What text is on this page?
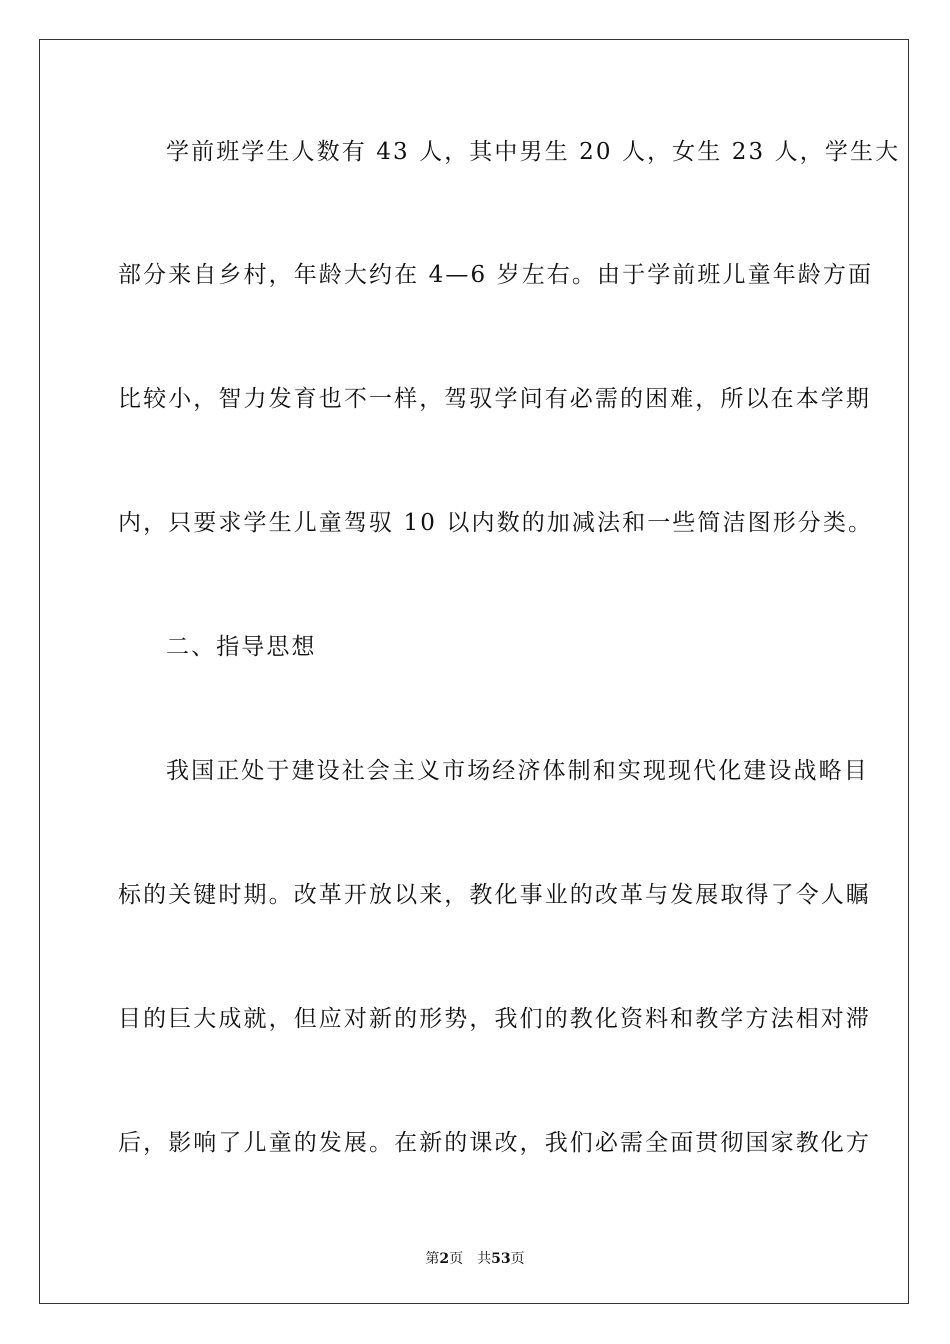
学前班学生人数有 43 人，其中男生 20 人，女生 23 人，学生大
部分来自乡村，年龄大约在 4—6 岁左右。由于学前班儿童年龄方面
比较小，智力发育也不一样，驾驭学问有必需的困难，所以在本学期
内，只要求学生儿童驾驭 10 以内数的加减法和一些简洁图形分类。
二、指导思想
我国正处于建设社会主义市场经济体制和实现现代化建设战略目
标的关键时期。改革开放以来，教化事业的改革与发展取得了令人瞩
目的巨大成就，但应对新的形势，我们的教化资料和教学方法相对滞
后，影响了儿童的发展。在新的课改，我们必需全面贯彻国家教化方
第2页 共53页
